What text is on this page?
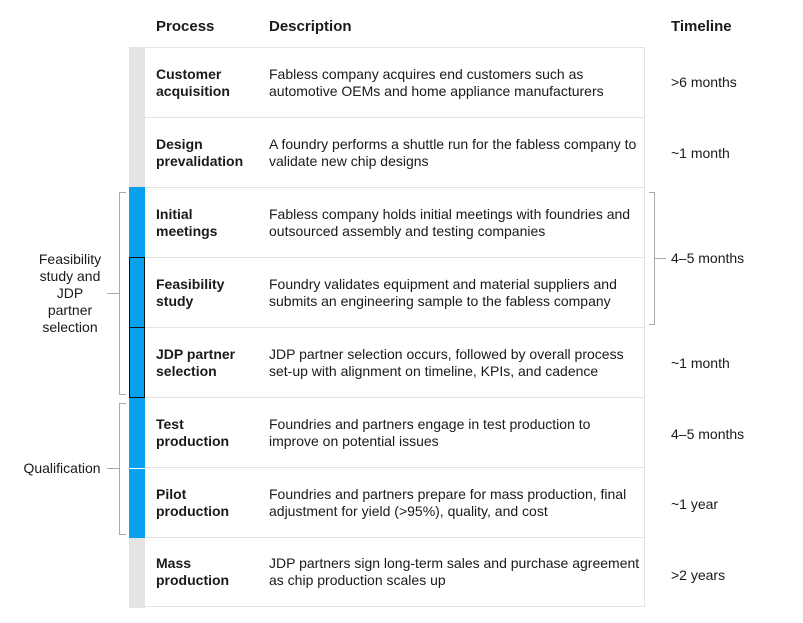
Process	Description	Timeline
Customer
acquisition
Fabless company acquires end customers such as automotive OEMs and home appliance manufacturers
Design
prevalidation
A foundry performs a shuttle run for the fabless company to validate new chip designs
Initial
meetings
Fabless company holds initial meetings with foundries and outsourced assembly and testing companies
Feasibility
study
Foundry validates equipment and material suppliers and submits an engineering sample to the fabless company
JDP partner
selection
JDP partner selection occurs, followed by overall process set-up with alignment on timeline, KPIs, and cadence
Test
production
Foundries and partners engage in test production to improve on potential issues
Pilot
production
Foundries and partners prepare for mass production, final adjustment for yield (>95%), quality, and cost
Mass
production
JDP partners sign long-term sales and purchase agreement as chip production scales up
>6 months
~1 month
4–5 months
~1 month
4–5 months
~1 year
>2 years
Feasibility
study and
JDP
partner
selection
Qualification
